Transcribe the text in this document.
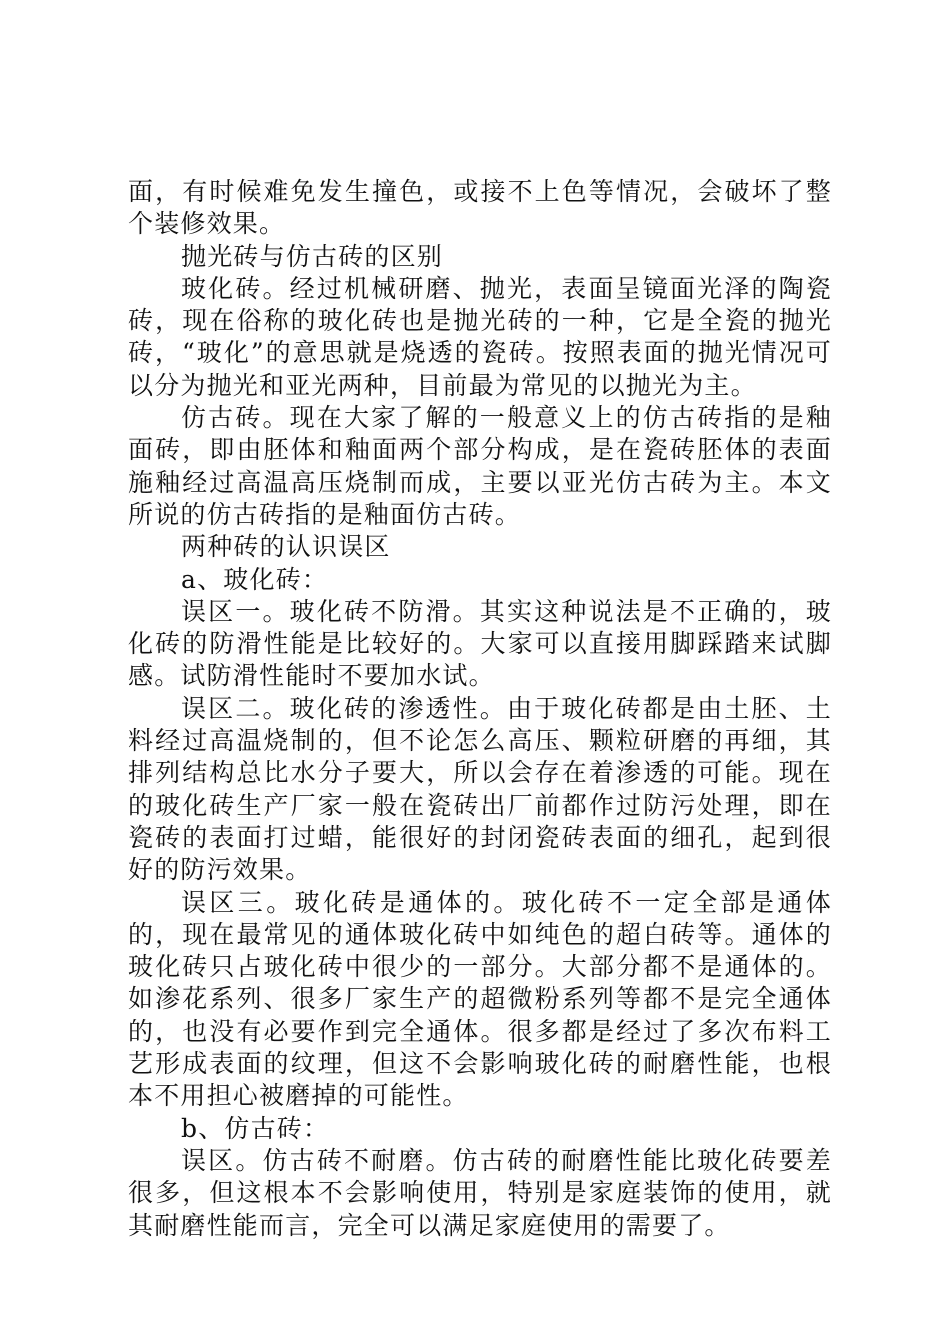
面，有时候难免发生撞色，或接不上色等情况，会破坏了整个装修效果。

抛光砖与仿古砖的区别

玻化砖。经过机械研磨、抛光，表面呈镜面光泽的陶瓷砖，现在俗称的玻化砖也是抛光砖的一种，它是全瓷的抛光砖，“玻化”的意思就是烧透的瓷砖。按照表面的抛光情况可以分为抛光和亚光两种，目前最为常见的以抛光为主。

仿古砖。现在大家了解的一般意义上的仿古砖指的是釉面砖，即由胚体和釉面两个部分构成，是在瓷砖胚体的表面施釉经过高温高压烧制而成，主要以亚光仿古砖为主。本文所说的仿古砖指的是釉面仿古砖。

两种砖的认识误区

a、玻化砖：

误区一。玻化砖不防滑。其实这种说法是不正确的，玻化砖的防滑性能是比较好的。大家可以直接用脚踩踏来试脚感。试防滑性能时不要加水试。

误区二。玻化砖的渗透性。由于玻化砖都是由土胚、土料经过高温烧制的，但不论怎么高压、颗粒研磨的再细，其排列结构总比水分子要大，所以会存在着渗透的可能。现在的玻化砖生产厂家一般在瓷砖出厂前都作过防污处理，即在瓷砖的表面打过蜡，能很好的封闭瓷砖表面的细孔，起到很好的防污效果。

误区三。玻化砖是通体的。玻化砖不一定全部是通体的，现在最常见的通体玻化砖中如纯色的超白砖等。通体的玻化砖只占玻化砖中很少的一部分。大部分都不是通体的。如渗花系列、很多厂家生产的超微粉系列等都不是完全通体的，也没有必要作到完全通体。很多都是经过了多次布料工艺形成表面的纹理，但这不会影响玻化砖的耐磨性能，也根本不用担心被磨掉的可能性。

b、仿古砖：

误区。仿古砖不耐磨。仿古砖的耐磨性能比玻化砖要差很多，但这根本不会影响使用，特别是家庭装饰的使用，就其耐磨性能而言，完全可以满足家庭使用的需要了。
